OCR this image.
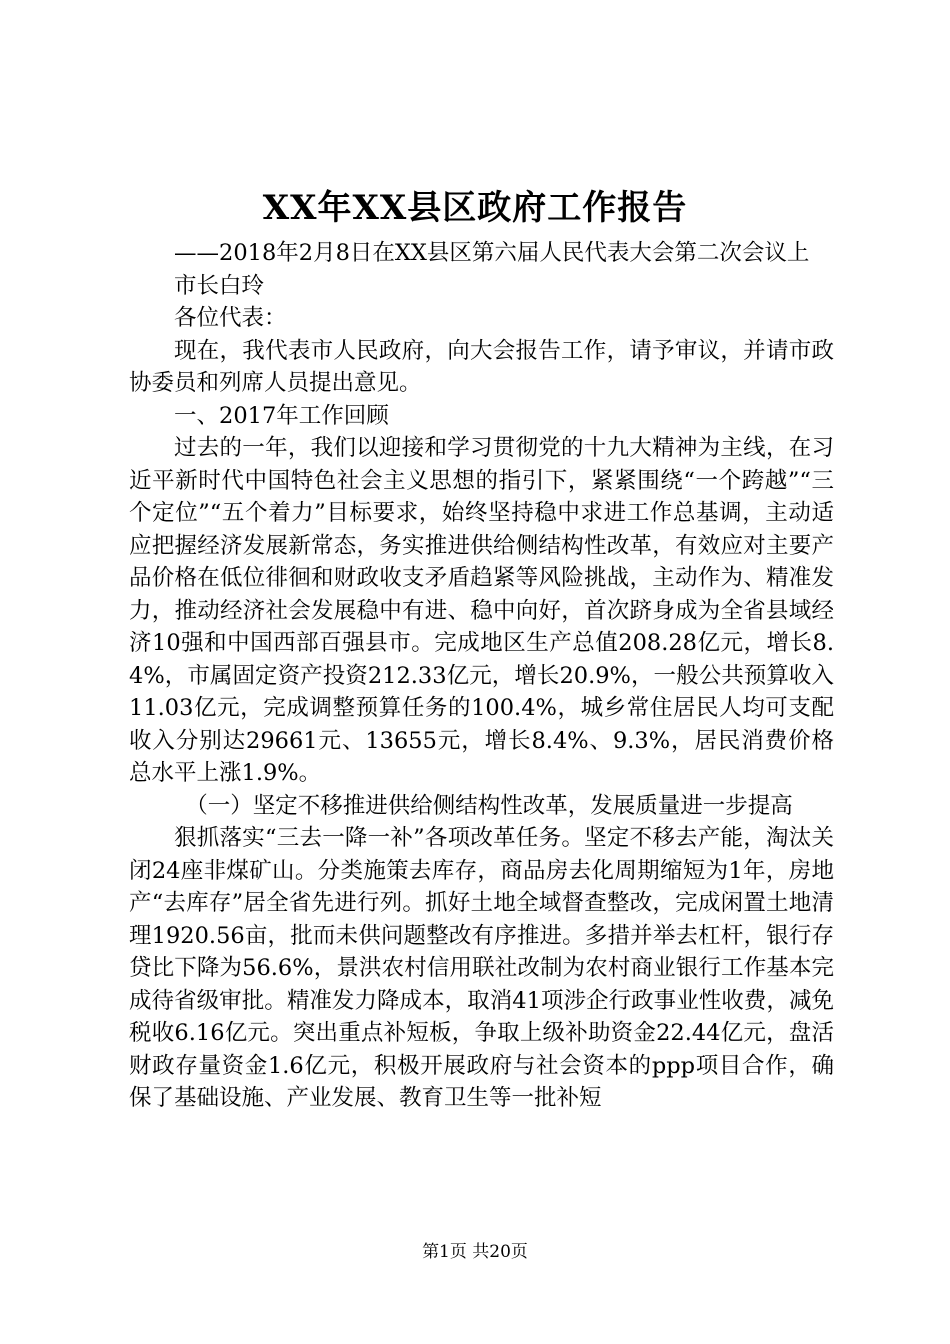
XX年XX县区政府工作报告

——2018年2月8日在XX县区第六届人民代表大会第二次会议上

市长白玲

各位代表：

现在，我代表市人民政府，向大会报告工作，请予审议，并请市政协委员和列席人员提出意见。

一、2017年工作回顾

过去的一年，我们以迎接和学习贯彻党的十九大精神为主线，在习近平新时代中国特色社会主义思想的指引下，紧紧围绕“一个跨越”“三个定位”“五个着力”目标要求，始终坚持稳中求进工作总基调，主动适应把握经济发展新常态，务实推进供给侧结构性改革，有效应对主要产品价格在低位徘徊和财政收支矛盾趋紧等风险挑战，主动作为、精准发力，推动经济社会发展稳中有进、稳中向好，首次跻身成为全省县域经济10强和中国西部百强县市。完成地区生产总值208.28亿元，增长8.4%，市属固定资产投资212.33亿元，增长20.9%，一般公共预算收入11.03亿元，完成调整预算任务的100.4%，城乡常住居民人均可支配收入分别达29661元、13655元，增长8.4%、9.3%，居民消费价格总水平上涨1.9%。

（一）坚定不移推进供给侧结构性改革，发展质量进一步提高

狠抓落实“三去一降一补”各项改革任务。坚定不移去产能，淘汰关闭24座非煤矿山。分类施策去库存，商品房去化周期缩短为1年，房地产“去库存”居全省先进行列。抓好土地全域督查整改，完成闲置土地清理1920.56亩，批而未供问题整改有序推进。多措并举去杠杆，银行存贷比下降为56.6%，景洪农村信用联社改制为农村商业银行工作基本完成待省级审批。精准发力降成本，取消41项涉企行政事业性收费，减免税收6.16亿元。突出重点补短板，争取上级补助资金22.44亿元，盘活财政存量资金1.6亿元，积极开展政府与社会资本的ppp项目合作，确保了基础设施、产业发展、教育卫生等一批补短

第1页 共20页
